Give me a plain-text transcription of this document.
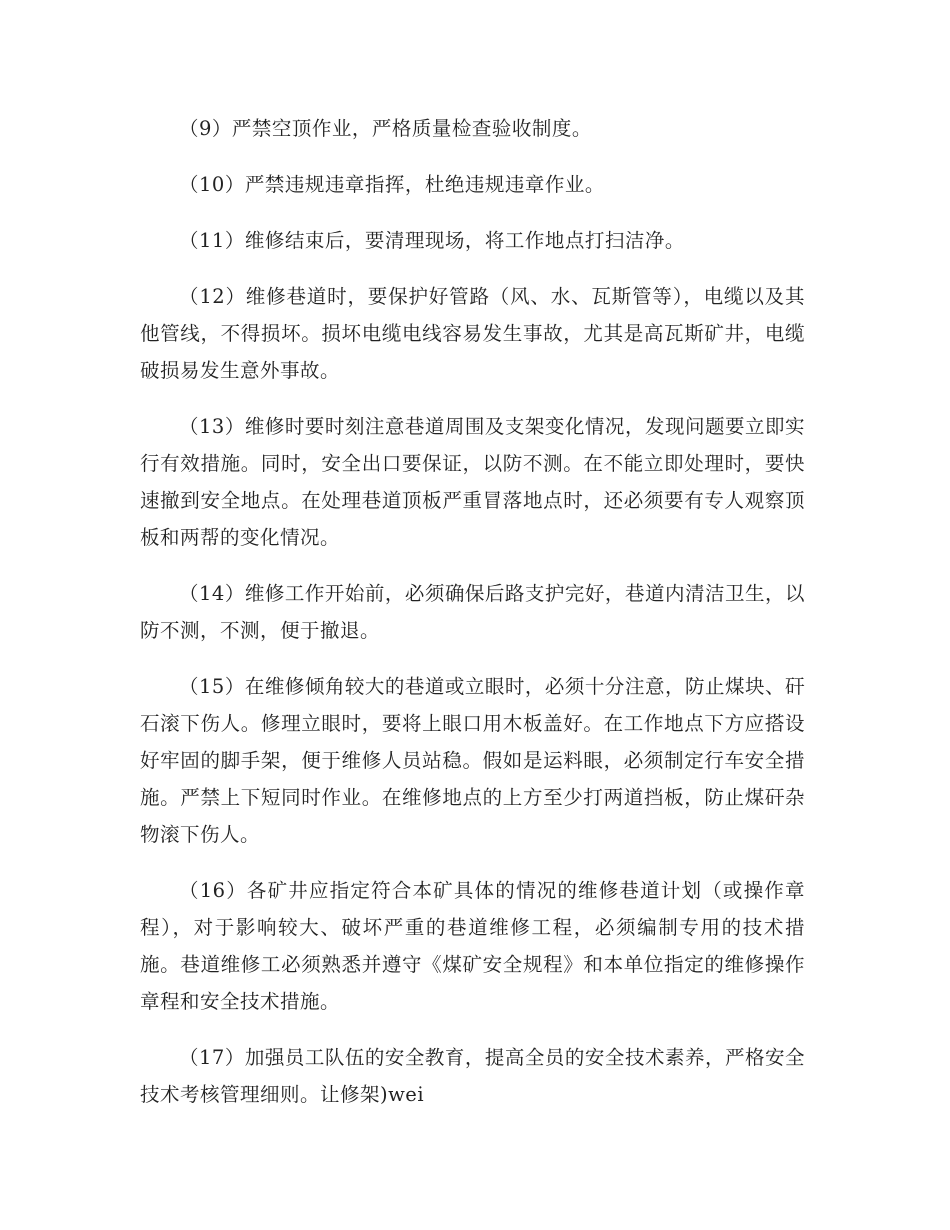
（9）严禁空顶作业，严格质量检查验收制度。

（10）严禁违规违章指挥，杜绝违规违章作业。

（11）维修结束后，要清理现场，将工作地点打扫洁净。

（12）维修巷道时，要保护好管路（风、水、瓦斯管等），电缆以及其他管线，不得损坏。损坏电缆电线容易发生事故，尤其是高瓦斯矿井，电缆破损易发生意外事故。

（13）维修时要时刻注意巷道周围及支架变化情况，发现问题要立即实行有效措施。同时，安全出口要保证，以防不测。在不能立即处理时，要快速撤到安全地点。在处理巷道顶板严重冒落地点时，还必须要有专人观察顶板和两帮的变化情况。

（14）维修工作开始前，必须确保后路支护完好，巷道内清洁卫生，以防不测，不测，便于撤退。

（15）在维修倾角较大的巷道或立眼时，必须十分注意，防止煤块、矸石滚下伤人。修理立眼时，要将上眼口用木板盖好。在工作地点下方应搭设好牢固的脚手架，便于维修人员站稳。假如是运料眼，必须制定行车安全措施。严禁上下短同时作业。在维修地点的上方至少打两道挡板，防止煤矸杂物滚下伤人。

（16）各矿井应指定符合本矿具体的情况的维修巷道计划（或操作章程），对于影响较大、破坏严重的巷道维修工程，必须编制专用的技术措施。巷道维修工必须熟悉并遵守《煤矿安全规程》和本单位指定的维修操作章程和安全技术措施。

（17）加强员工队伍的安全教育，提高全员的安全技术素养，严格安全技术考核管理细则。让修架)wei
